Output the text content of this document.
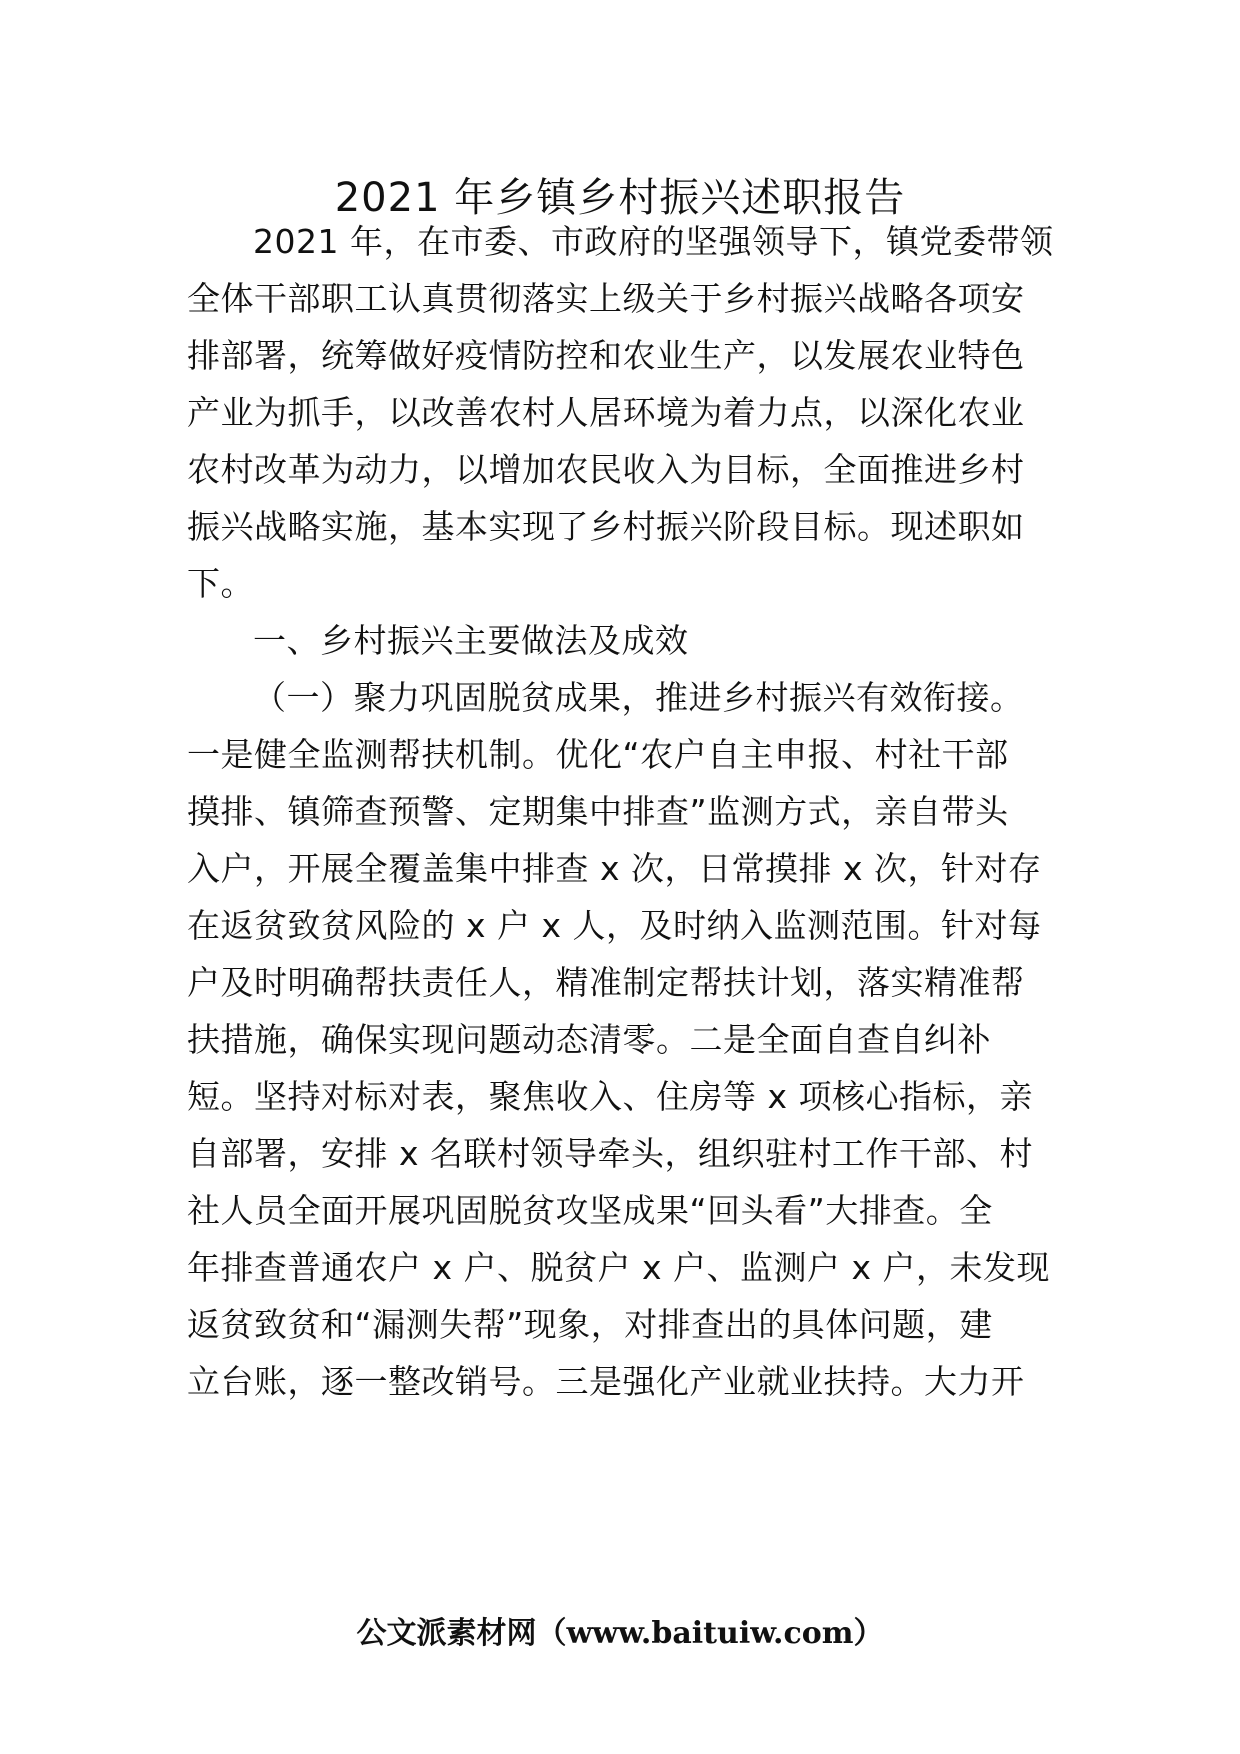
2021 年乡镇乡村振兴述职报告
2021 年，在市委、市政府的坚强领导下，镇党委带领
全体干部职工认真贯彻落实上级关于乡村振兴战略各项安
排部署，统筹做好疫情防控和农业生产，以发展农业特色
产业为抓手，以改善农村人居环境为着力点，以深化农业
农村改革为动力，以增加农民收入为目标，全面推进乡村
振兴战略实施，基本实现了乡村振兴阶段目标。现述职如
下。
一、乡村振兴主要做法及成效
（一）聚力巩固脱贫成果，推进乡村振兴有效衔接。
一是健全监测帮扶机制。优化“农户自主申报、村社干部
摸排、镇筛查预警、定期集中排查”监测方式，亲自带头
入户，开展全覆盖集中排查 x 次，日常摸排 x 次，针对存
在返贫致贫风险的 x 户 x 人，及时纳入监测范围。针对每
户及时明确帮扶责任人，精准制定帮扶计划，落实精准帮
扶措施，确保实现问题动态清零。二是全面自查自纠补
短。坚持对标对表，聚焦收入、住房等 x 项核心指标，亲
自部署，安排 x 名联村领导牵头，组织驻村工作干部、村
社人员全面开展巩固脱贫攻坚成果“回头看”大排查。全
年排查普通农户 x 户、脱贫户 x 户、监测户 x 户，未发现
返贫致贫和“漏测失帮”现象，对排查出的具体问题，建
立台账，逐一整改销号。三是强化产业就业扶持。大力开
公文派素材网（www.baituiw.com）
